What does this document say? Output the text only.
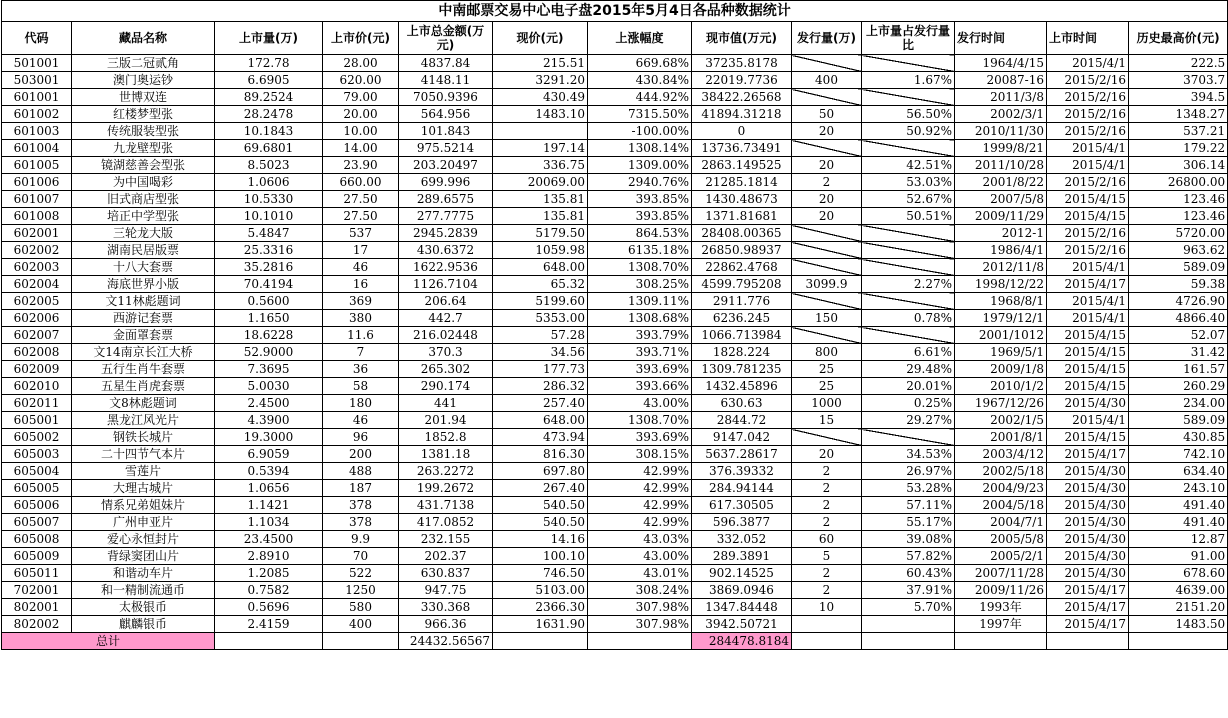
中南邮票交易中心电子盘2015年5月4日各品种数据统计												
代码	藏品名称	上市量(万)	上市价(元)	上市总金额(万元)	现价(元)	上涨幅度	现市值(万元)	发行量(万)	上市量占发行量比	发行时间	上市时间	历史最高价(元)
501001	三版二冠贰角	172.78	28.00	4837.84	215.51	669.68%	37235.8178			1964/4/15	2015/4/1	222.5
503001	澳门奥运钞	6.6905	620.00	4148.11	3291.20	430.84%	22019.7736	400	1.67%	20087-16	2015/2/16	3703.7
601001	世博双连	89.2524	79.00	7050.9396	430.49	444.92%	38422.26568			2011/3/8	2015/2/16	394.5
601002	红楼梦型张	28.2478	20.00	564.956	1483.10	7315.50%	41894.31218	50	56.50%	2002/3/1	2015/2/16	1348.27
601003	传统服装型张	10.1843	10.00	101.843		-100.00%	0	20	50.92%	2010/11/30	2015/2/16	537.21
601004	九龙壁型张	69.6801	14.00	975.5214	197.14	1308.14%	13736.73491			1999/8/21	2015/4/1	179.22
601005	镜湖慈善会型张	8.5023	23.90	203.20497	336.75	1309.00%	2863.149525	20	42.51%	2011/10/28	2015/4/1	306.14
601006	为中国喝彩	1.0606	660.00	699.996	20069.00	2940.76%	21285.1814	2	53.03%	2001/8/22	2015/2/16	26800.00
601007	旧式商店型张	10.5330	27.50	289.6575	135.81	393.85%	1430.48673	20	52.67%	2007/5/8	2015/4/15	123.46
601008	培正中学型张	10.1010	27.50	277.7775	135.81	393.85%	1371.81681	20	50.51%	2009/11/29	2015/4/15	123.46
602001	三轮龙大版	5.4847	537	2945.2839	5179.50	864.53%	28408.00365			2012-1	2015/2/16	5720.00
602002	湖南民居版票	25.3316	17	430.6372	1059.98	6135.18%	26850.98937			1986/4/1	2015/2/16	963.62
602003	十八大套票	35.2816	46	1622.9536	648.00	1308.70%	22862.4768			2012/11/8	2015/4/1	589.09
602004	海底世界小版	70.4194	16	1126.7104	65.32	308.25%	4599.795208	3099.9	2.27%	1998/12/22	2015/4/17	59.38
602005	文11林彪题词	0.5600	369	206.64	5199.60	1309.11%	2911.776			1968/8/1	2015/4/1	4726.90
602006	西游记套票	1.1650	380	442.7	5353.00	1308.68%	6236.245	150	0.78%	1979/12/1	2015/4/1	4866.40
602007	金面罩套票	18.6228	11.6	216.02448	57.28	393.79%	1066.713984			2001/1012	2015/4/15	52.07
602008	文14南京长江大桥	52.9000	7	370.3	34.56	393.71%	1828.224	800	6.61%	1969/5/1	2015/4/15	31.42
602009	五行生肖牛套票	7.3695	36	265.302	177.73	393.69%	1309.781235	25	29.48%	2009/1/8	2015/4/15	161.57
602010	五星生肖虎套票	5.0030	58	290.174	286.32	393.66%	1432.45896	25	20.01%	2010/1/2	2015/4/15	260.29
602011	文8林彪题词	2.4500	180	441	257.40	43.00%	630.63	1000	0.25%	1967/12/26	2015/4/30	234.00
605001	黑龙江风光片	4.3900	46	201.94	648.00	1308.70%	2844.72	15	29.27%	2002/1/5	2015/4/1	589.09
605002	钢铁长城片	19.3000	96	1852.8	473.94	393.69%	9147.042			2001/8/1	2015/4/15	430.85
605003	二十四节气本片	6.9059	200	1381.18	816.30	308.15%	5637.28617	20	34.53%	2003/4/12	2015/4/17	742.10
605004	雪莲片	0.5394	488	263.2272	697.80	42.99%	376.39332	2	26.97%	2002/5/18	2015/4/30	634.40
605005	大理古城片	1.0656	187	199.2672	267.40	42.99%	284.94144	2	53.28%	2004/9/23	2015/4/30	243.10
605006	情系兄弟姐妹片	1.1421	378	431.7138	540.50	42.99%	617.30505	2	57.11%	2004/5/18	2015/4/30	491.40
605007	广州申亚片	1.1034	378	417.0852	540.50	42.99%	596.3877	2	55.17%	2004/7/1	2015/4/30	491.40
605008	爱心永恒封片	23.4500	9.9	232.155	14.16	43.03%	332.052	60	39.08%	2005/5/8	2015/4/30	12.87
605009	背绿窦团山片	2.8910	70	202.37	100.10	43.00%	289.3891	5	57.82%	2005/2/1	2015/4/30	91.00
605011	和谐动车片	1.2085	522	630.837	746.50	43.01%	902.14525	2	60.43%	2007/11/28	2015/4/30	678.60
702001	和一精制流通币	0.7582	1250	947.75	5103.00	308.24%	3869.0946	2	37.91%	2009/11/26	2015/4/17	4639.00
802001	太极银币	0.5696	580	330.368	2366.30	307.98%	1347.84448	10	5.70%	1993年	2015/4/17	2151.20
802002	麒麟银币	2.4159	400	966.36	1631.90	307.98%	3942.50721			1997年	2015/4/17	1483.50
总计				24432.56567			284478.8184					
